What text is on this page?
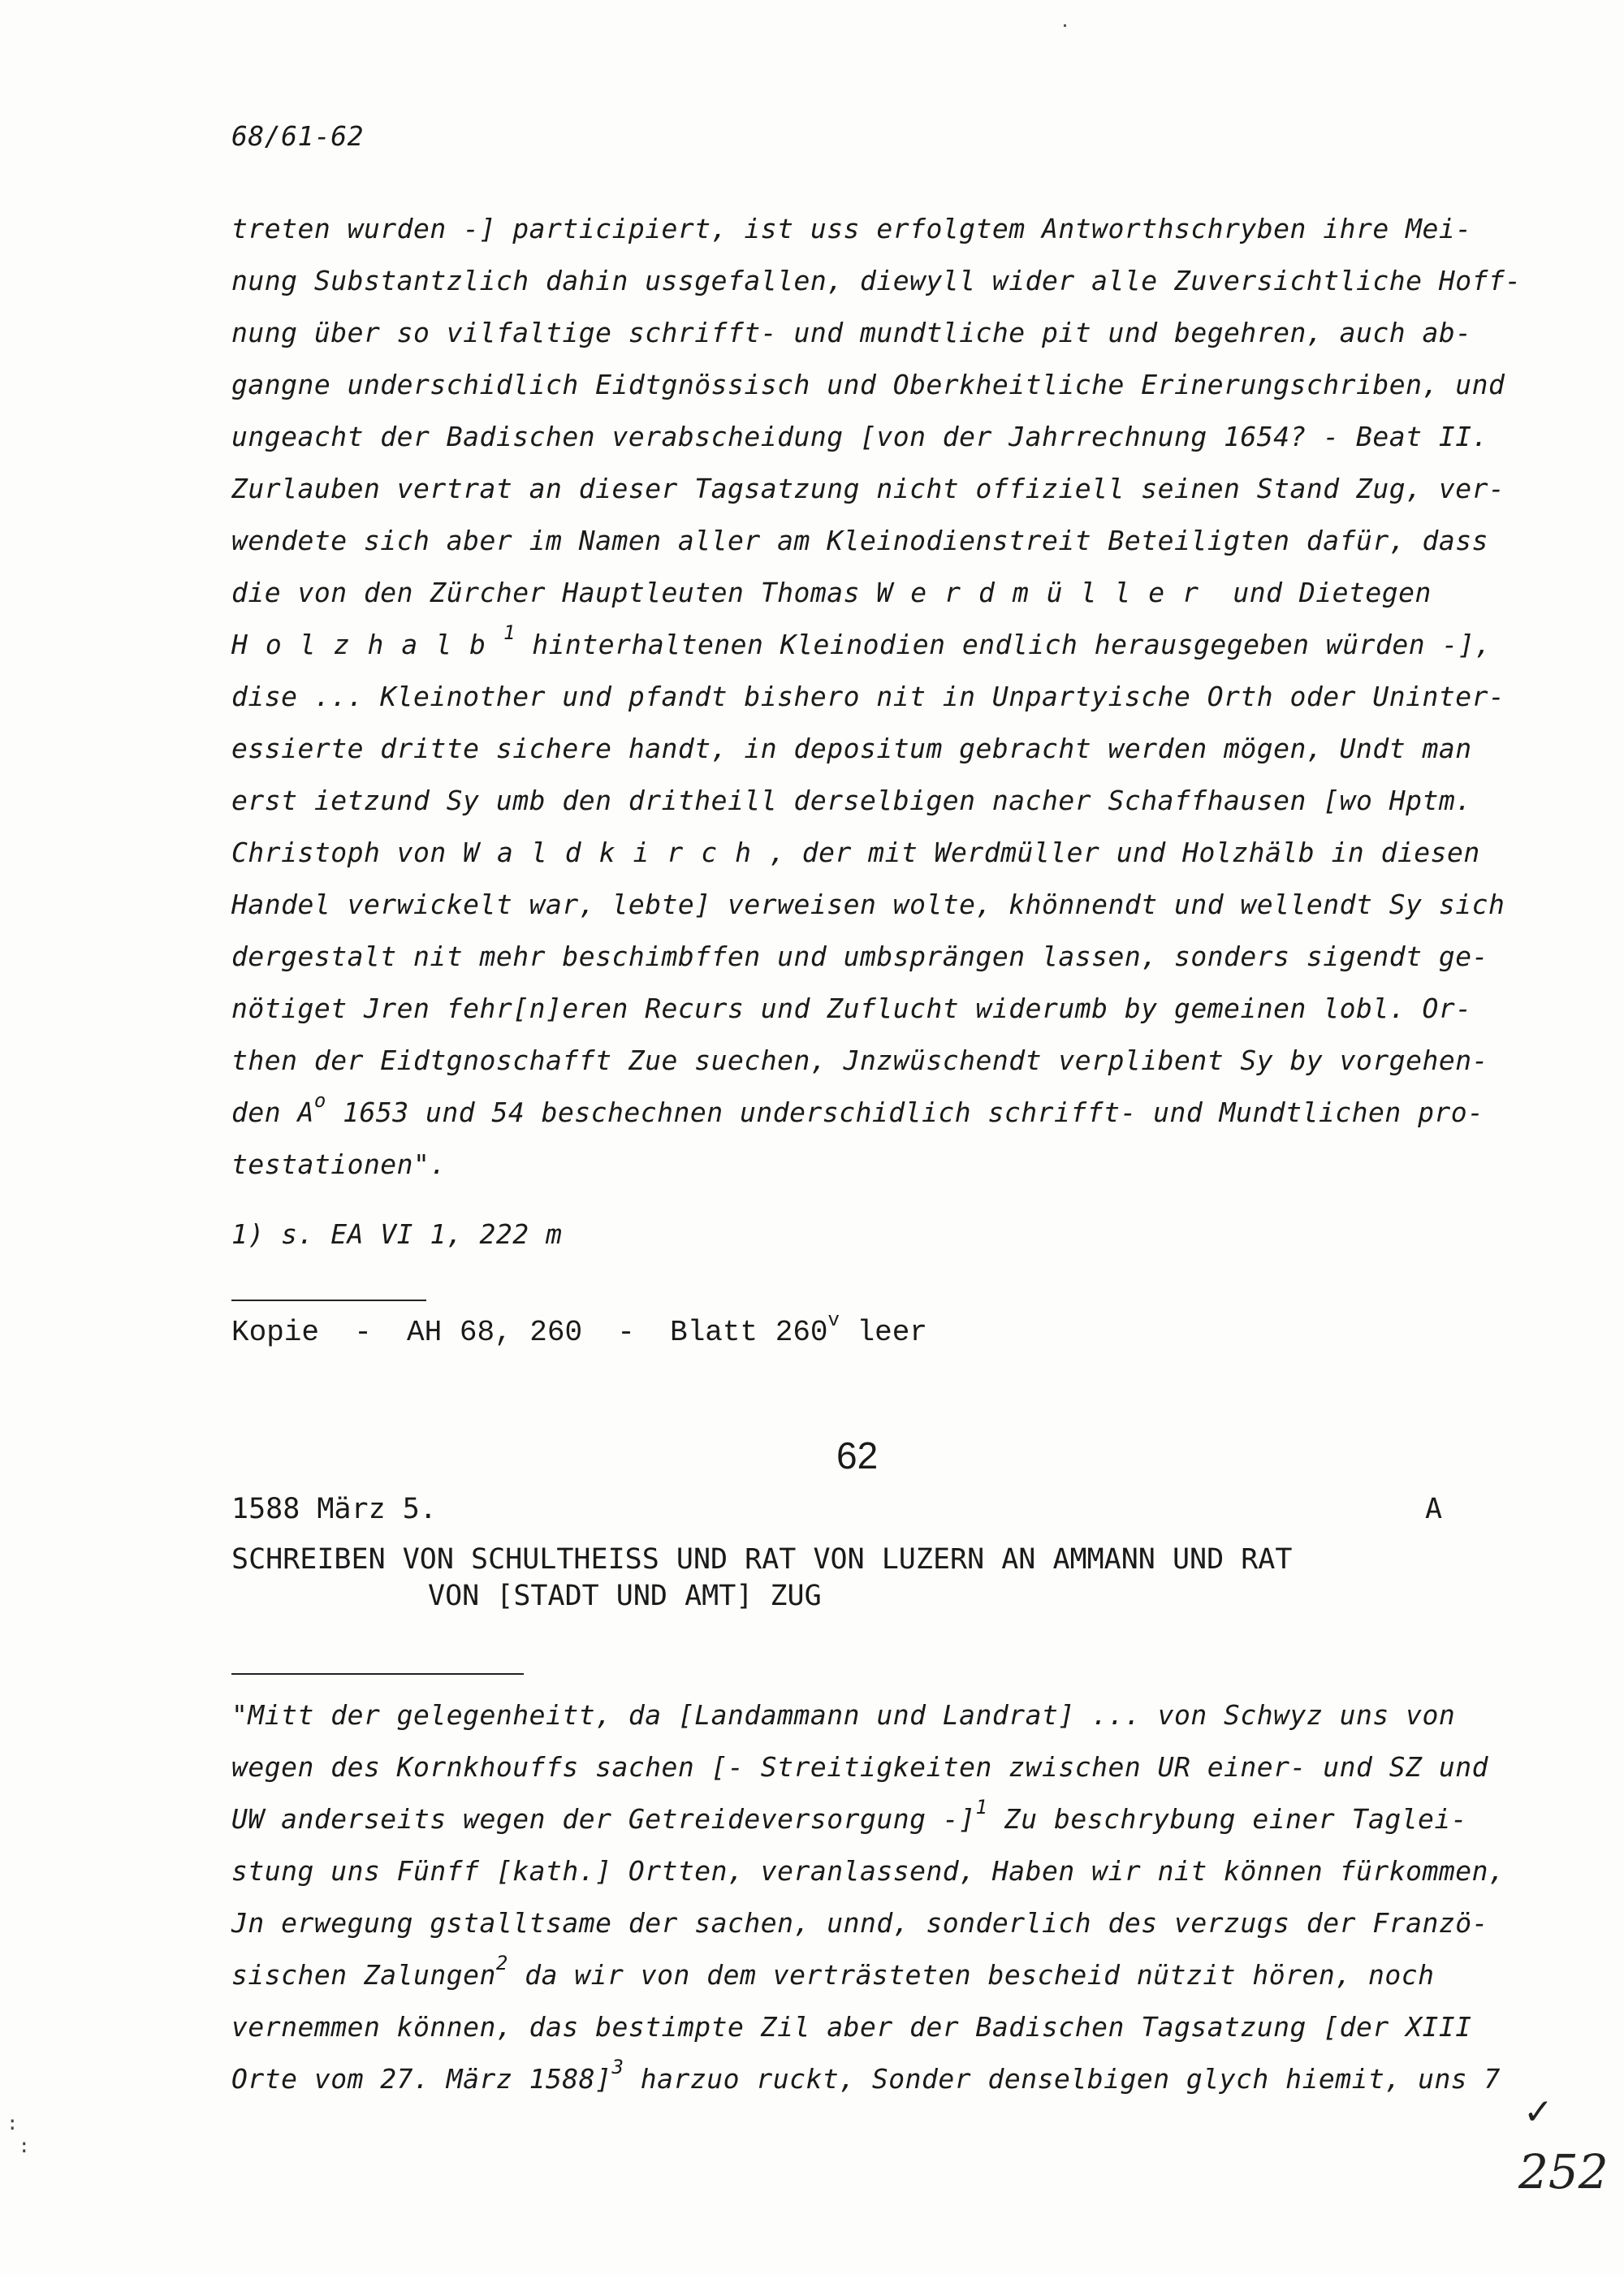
68/61-62
treten wurden -] participiert, ist uss erfolgtem Antworthschryben ihre Mei-
nung Substantzlich dahin ussgefallen, diewyll wider alle Zuversichtliche Hoff-
nung über so vilfaltige schrifft- und mundtliche pit und begehren, auch ab-
gangne underschidlich Eidtgnössisch und Oberkheitliche Erinerungschriben, und
ungeacht der Badischen verabscheidung [von der Jahrrechnung 1654? - Beat II.
Zurlauben vertrat an dieser Tagsatzung nicht offiziell seinen Stand Zug, ver-
wendete sich aber im Namen aller am Kleinodienstreit Beteiligten dafür, dass
die von den Zürcher Hauptleuten Thomas Werdmüller und Dietegen
Holzhalb$^1$ hinterhaltenen Kleinodien endlich herausgegeben würden -],
dise ... Kleinother und pfandt bishero nit in Unpartyische Orth oder Uninter-
essierte dritte sichere handt, in depositum gebracht werden mögen, Undt man
erst ietzund Sy umb den dritheill derselbigen nacher Schaffhausen [wo Hptm.
Christoph von Waldkirch, der mit Werdmüller und Holzhälb in diesen
Handel verwickelt war, lebte] verweisen wolte, khönnendt und wellendt Sy sich
dergestalt nit mehr beschimbffen und umbsprängen lassen, sonders sigendt ge-
nötiget Jren fehr[n]eren Recurs und Zuflucht widerumb by gemeinen lobl. Or-
then der Eidtgnoschafft Zue suechen, Jnzwüschendt verplibent Sy by vorgehen-
den $A^o$ 1653 und 54 beschechnen underschidlich schrifft- und Mundtlichen pro-
testationen".
1) s. EA VI 1, 222 m
Kopie  -  AH 68, 260  -  Blatt 260$^v$ leer
62
1588 März 5.	A
SCHREIBEN VON SCHULTHEISS UND RAT VON LUZERN AN AMMANN UND RAT
VON [STADT UND AMT] ZUG
"Mitt der gelegenheitt, da [Landammann und Landrat] ... von Schwyz uns von
wegen des Kornkhouffs sachen [- Streitigkeiten zwischen UR einer- und SZ und
UW anderseits wegen der Getreideversorgung -]$^1$ Zu beschrybung einer Taglei-
stung uns Fünff [kath.] Ortten, veranlassend, Haben wir nit können fürkommen,
Jn erwegung gstalltsame der sachen, unnd, sonderlich des verzugs der Franzö-
sischen Zalungen$^2$ da wir von dem verträsteten bescheid nützit hören, noch
vernemmen können, das bestimpte Zil aber der Badischen Tagsatzung [der XIII
Orte vom 27. März 1588]$^3$ harzuo ruckt, Sonder denselbigen glych hiemit, uns 7
:
:
✓
252
